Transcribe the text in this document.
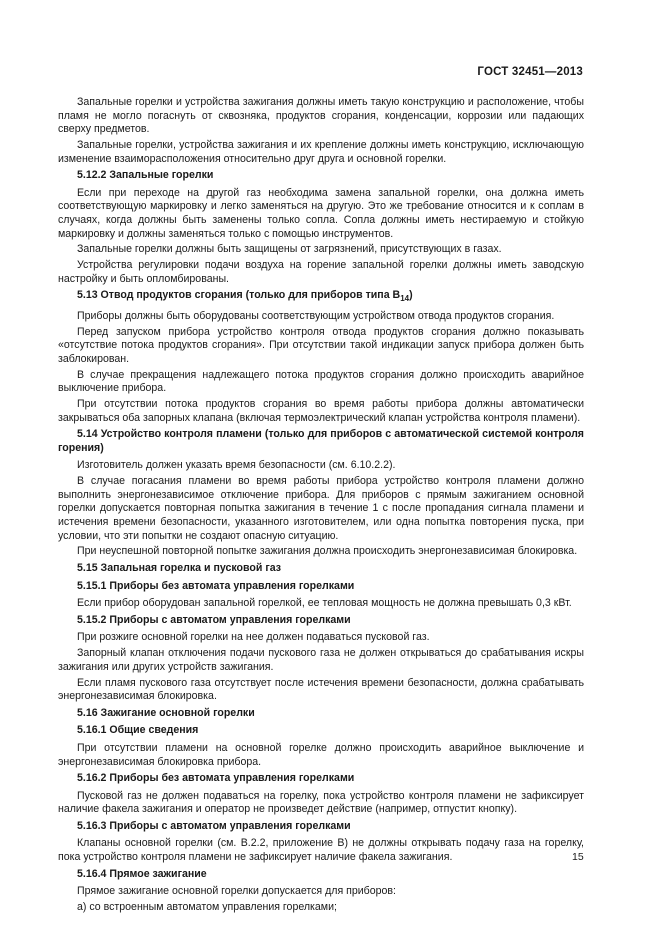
ГОСТ 32451—2013

Запальные горелки и устройства зажигания должны иметь такую конструкцию и расположение, чтобы пламя не могло погаснуть от сквозняка, продуктов сгорания, конденсации, коррозии или падающих сверху предметов.

Запальные горелки, устройства зажигания и их крепление должны иметь конструкцию, исключающую изменение взаиморасположения относительно друг друга и основной горелки.

5.12.2 Запальные горелки

Если при переходе на другой газ необходима замена запальной горелки, она должна иметь соответствующую маркировку и легко заменяться на другую. Это же требование относится и к соплам в случаях, когда должны быть заменены только сопла. Сопла должны иметь нестираемую и стойкую маркировку и должны заменяться только с помощью инструментов.

Запальные горелки должны быть защищены от загрязнений, присутствующих в газах.

Устройства регулировки подачи воздуха на горение запальной горелки должны иметь заводскую настройку и быть опломбированы.

5.13 Отвод продуктов сгорания (только для приборов типа $B_{14}$)

Приборы должны быть оборудованы соответствующим устройством отвода продуктов сгорания.

Перед запуском прибора устройство контроля отвода продуктов сгорания должно показывать «отсутствие потока продуктов сгорания». При отсутствии такой индикации запуск прибора должен быть заблокирован.

В случае прекращения надлежащего потока продуктов сгорания должно происходить аварийное выключение прибора.

При отсутствии потока продуктов сгорания во время работы прибора должны автоматически закрываться оба запорных клапана (включая термоэлектрический клапан устройства контроля пламени).

5.14 Устройство контроля пламени (только для приборов с автоматической системой контроля горения)

Изготовитель должен указать время безопасности (см. 6.10.2.2).

В случае погасания пламени во время работы прибора устройство контроля пламени должно выполнить энергонезависимое отключение прибора. Для приборов с прямым зажиганием основной горелки допускается повторная попытка зажигания в течение 1 с после пропадания сигнала пламени и истечения времени безопасности, указанного изготовителем, или одна попытка повторения пуска, при условии, что эти попытки не создают опасную ситуацию.

При неуспешной повторной попытке зажигания должна происходить энергонезависимая блокировка.

5.15 Запальная горелка и пусковой газ

5.15.1 Приборы без автомата управления горелками

Если прибор оборудован запальной горелкой, ее тепловая мощность не должна превышать 0,3 кВт.

5.15.2 Приборы с автоматом управления горелками

При розжиге основной горелки на нее должен подаваться пусковой газ.

Запорный клапан отключения подачи пускового газа не должен открываться до срабатывания искры зажигания или других устройств зажигания.

Если пламя пускового газа отсутствует после истечения времени безопасности, должна срабатывать энергонезависимая блокировка.

5.16 Зажигание основной горелки

5.16.1 Общие сведения

При отсутствии пламени на основной горелке должно происходить аварийное выключение и энергонезависимая блокировка прибора.

5.16.2 Приборы без автомата управления горелками

Пусковой газ не должен подаваться на горелку, пока устройство контроля пламени не зафиксирует наличие факела зажигания и оператор не произведет действие (например, отпустит кнопку).

5.16.3 Приборы с автоматом управления горелками

Клапаны основной горелки (см. B.2.2, приложение B) не должны открывать подачу газа на горелку, пока устройство контроля пламени не зафиксирует наличие факела зажигания.

5.16.4 Прямое зажигание

Прямое зажигание основной горелки допускается для приборов:

а) со встроенным автоматом управления горелками;

15
